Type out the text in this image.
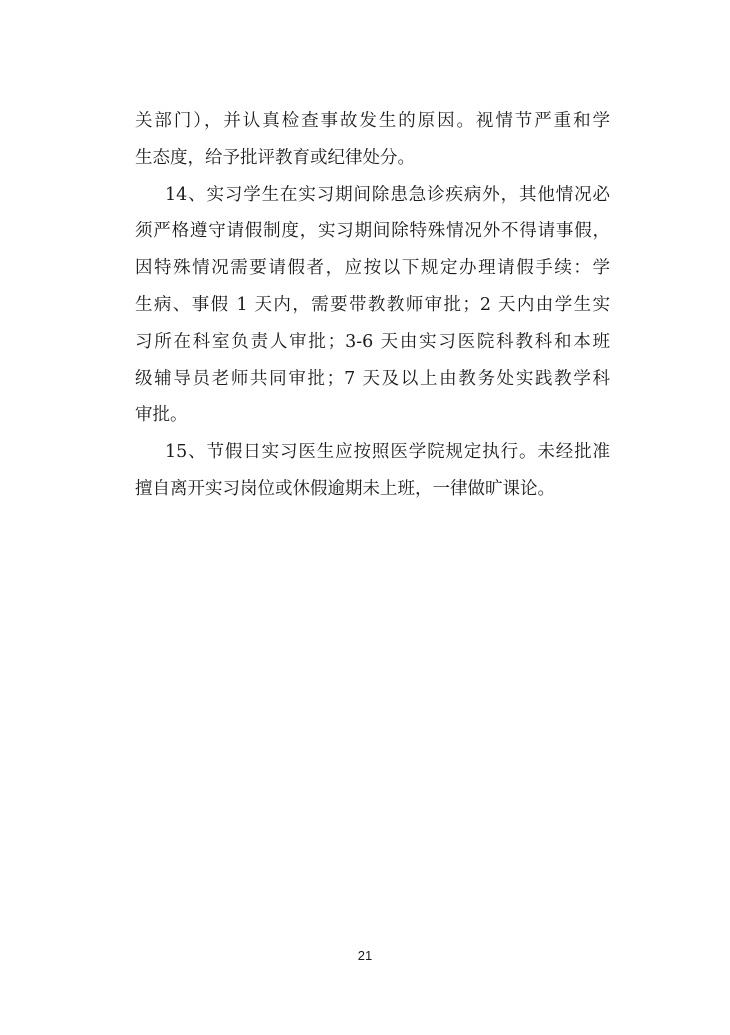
关部门），并认真检查事故发生的原因。视情节严重和学
生态度，给予批评教育或纪律处分。
14、实习学生在实习期间除患急诊疾病外，其他情况必
须严格遵守请假制度，实习期间除特殊情况外不得请事假，
因特殊情况需要请假者，应按以下规定办理请假手续：学
生病、事假 1 天内，需要带教教师审批；2 天内由学生实
习所在科室负责人审批；3-6 天由实习医院科教科和本班
级辅导员老师共同审批；7 天及以上由教务处实践教学科
审批。
15、节假日实习医生应按照医学院规定执行。未经批准
擅自离开实习岗位或休假逾期未上班，一律做旷课论。
21
